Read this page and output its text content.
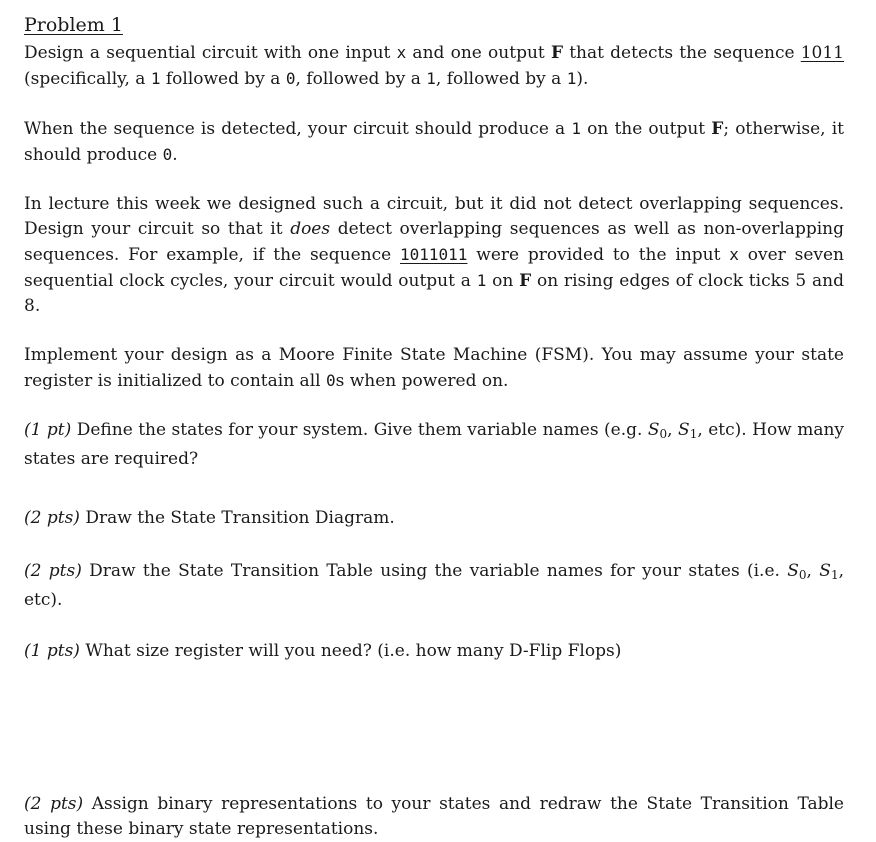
Problem 1

Design a sequential circuit with one input x and one output F that detects the sequence 1011 (specifically, a 1 followed by a 0, followed by a 1, followed by a 1).

When the sequence is detected, your circuit should produce a 1 on the output F; otherwise, it should produce 0.

In lecture this week we designed such a circuit, but it did not detect overlapping sequences. Design your circuit so that it does detect overlapping sequences as well as non-overlapping sequences. For example, if the sequence 1011011 were provided to the input x over seven sequential clock cycles, your circuit would output a 1 on F on rising edges of clock ticks 5 and 8.

Implement your design as a Moore Finite State Machine (FSM). You may assume your state register is initialized to contain all 0s when powered on.

(1 pt) Define the states for your system. Give them variable names (e.g. $S_0$, $S_1$, etc). How many states are required?

(2 pts) Draw the State Transition Diagram.

(2 pts) Draw the State Transition Table using the variable names for your states (i.e. $S_0$, $S_1$, etc).

(1 pts) What size register will you need? (i.e. how many D-Flip Flops)

(2 pts) Assign binary representations to your states and redraw the State Transition Table using these binary state representations.
